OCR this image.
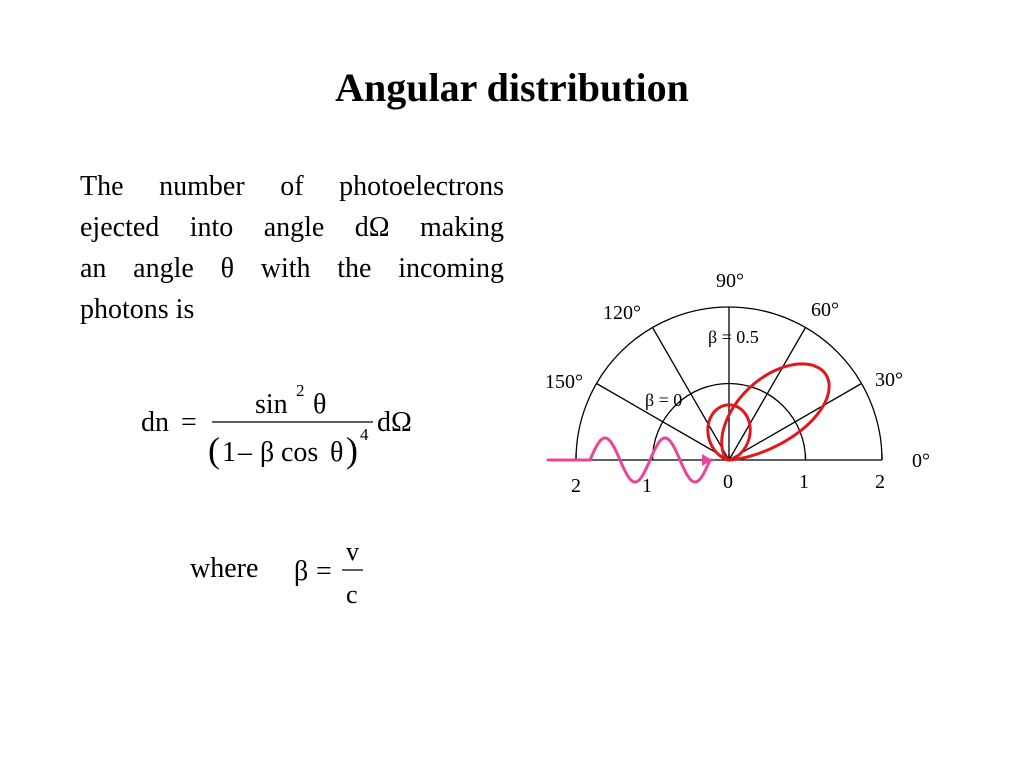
Angular distribution
The number of photoelectrons
ejected into angle dΩ making
an angle θ with the incoming
photons is
dn =
sin 2 θ
( 1 – β cos θ ) 4 dΩ
where β =
v
c
0°
30°
60°
90°
120°
150°
2	1	0	1	2
β = 0.5
β = 0
